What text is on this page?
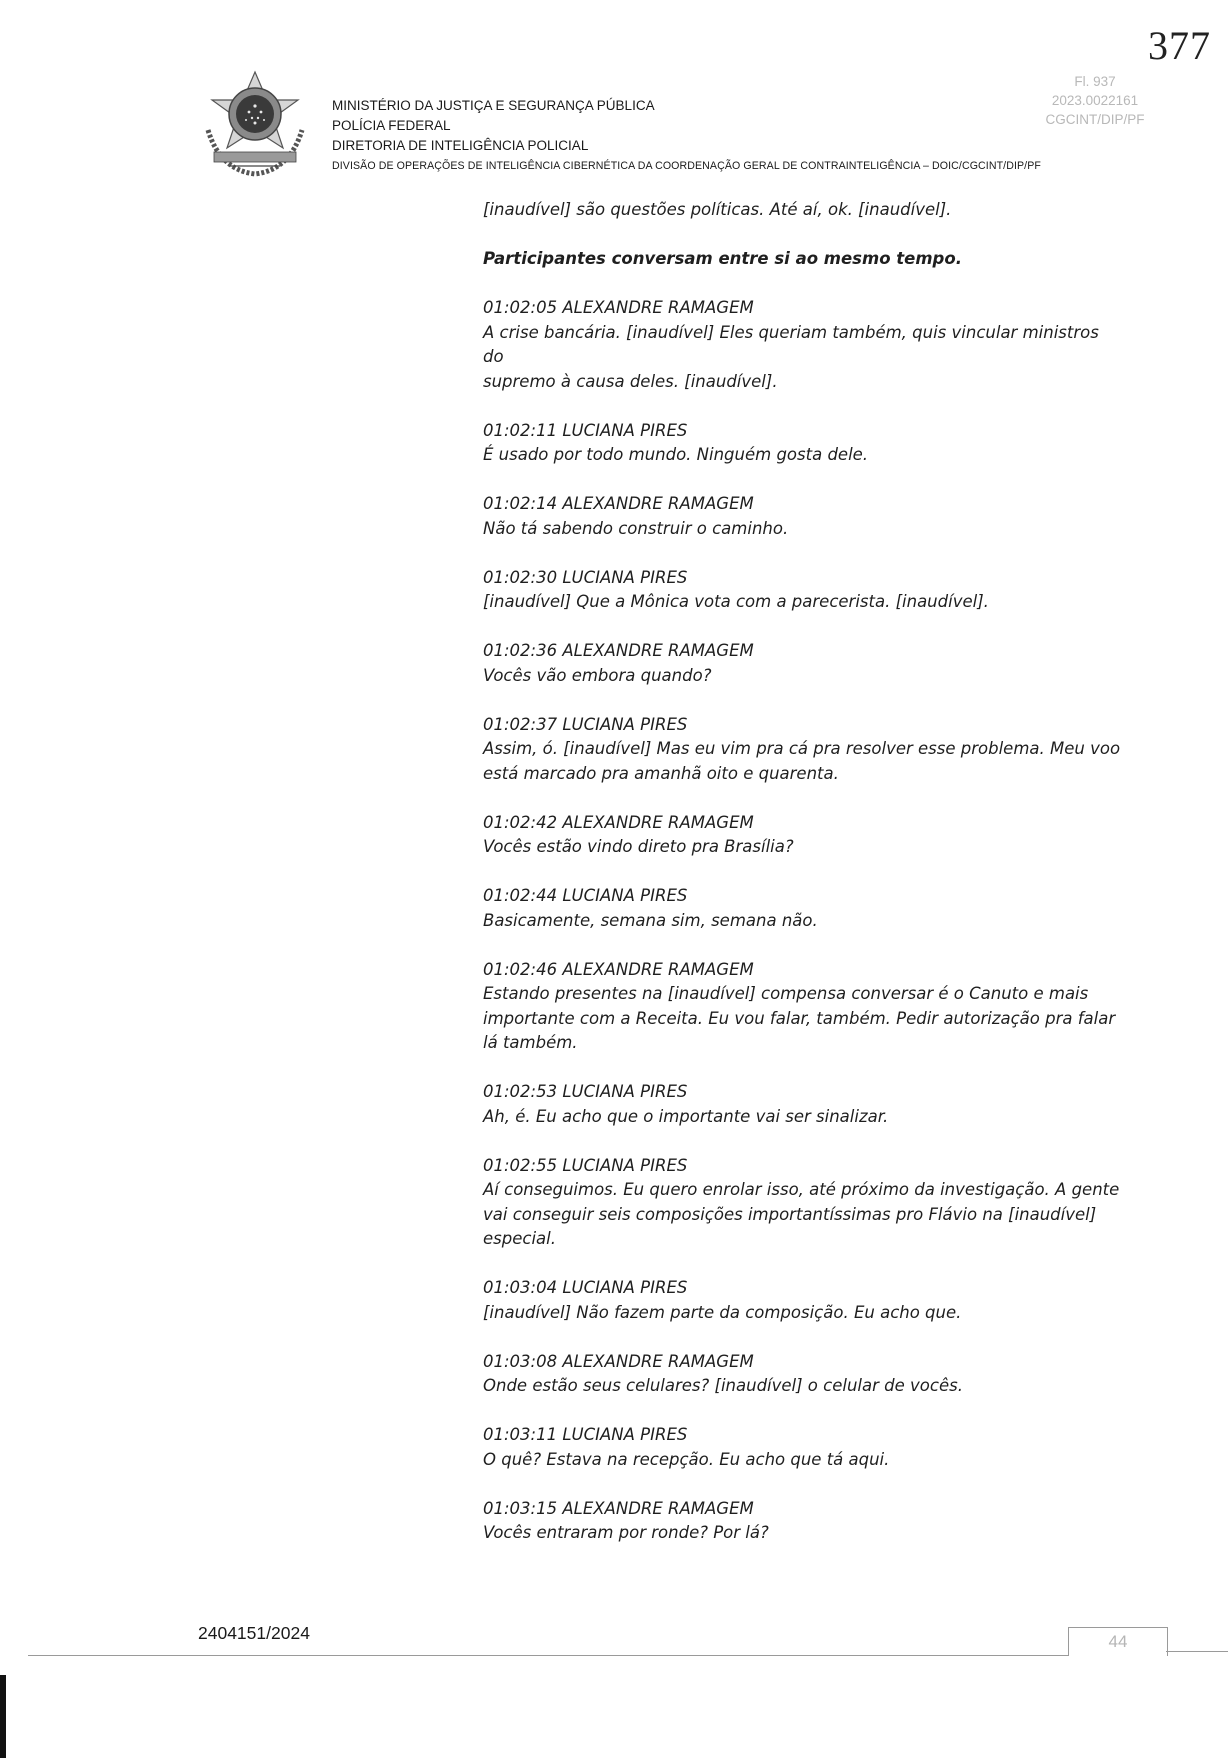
377
Fl. 937
2023.0022161
CGCINT/DIP/PF
MINISTÉRIO DA JUSTIÇA E SEGURANÇA PÚBLICA
POLÍCIA FEDERAL
DIRETORIA DE INTELIGÊNCIA POLICIAL
DIVISÃO DE OPERAÇÕES DE INTELIGÊNCIA CIBERNÉTICA DA COORDENAÇÃO GERAL DE CONTRAINTELIGÊNCIA – DOIC/CGCINT/DIP/PF

[inaudível] são questões políticas. Até aí, ok. [inaudível].

Participantes conversam entre si ao mesmo tempo.

01:02:05 ALEXANDRE RAMAGEM
A crise bancária. [inaudível] Eles queriam também, quis vincular ministros do
supremo à causa deles. [inaudível].
01:02:11 LUCIANA PIRES
É usado por todo mundo. Ninguém gosta dele.
01:02:14 ALEXANDRE RAMAGEM
Não tá sabendo construir o caminho.
01:02:30 LUCIANA PIRES
[inaudível] Que a Mônica vota com a parecerista. [inaudível].
01:02:36 ALEXANDRE RAMAGEM
Vocês vão embora quando?
01:02:37 LUCIANA PIRES
Assim, ó. [inaudível] Mas eu vim pra cá pra resolver esse problema. Meu voo
está marcado pra amanhã oito e quarenta.
01:02:42 ALEXANDRE RAMAGEM
Vocês estão vindo direto pra Brasília?
01:02:44 LUCIANA PIRES
Basicamente, semana sim, semana não.
01:02:46 ALEXANDRE RAMAGEM
Estando presentes na [inaudível] compensa conversar é o Canuto e mais
importante com a Receita. Eu vou falar, também. Pedir autorização pra falar
lá também.
01:02:53 LUCIANA PIRES
Ah, é. Eu acho que o importante vai ser sinalizar.
01:02:55 LUCIANA PIRES
Aí conseguimos. Eu quero enrolar isso, até próximo da investigação. A gente
vai conseguir seis composições importantíssimas pro Flávio na [inaudível]
especial.
01:03:04 LUCIANA PIRES
[inaudível] Não fazem parte da composição. Eu acho que.
01:03:08 ALEXANDRE RAMAGEM
Onde estão seus celulares? [inaudível] o celular de vocês.
01:03:11 LUCIANA PIRES
O quê? Estava na recepção. Eu acho que tá aqui.
01:03:15 ALEXANDRE RAMAGEM
Vocês entraram por ronde? Por lá?
2404151/2024	44
